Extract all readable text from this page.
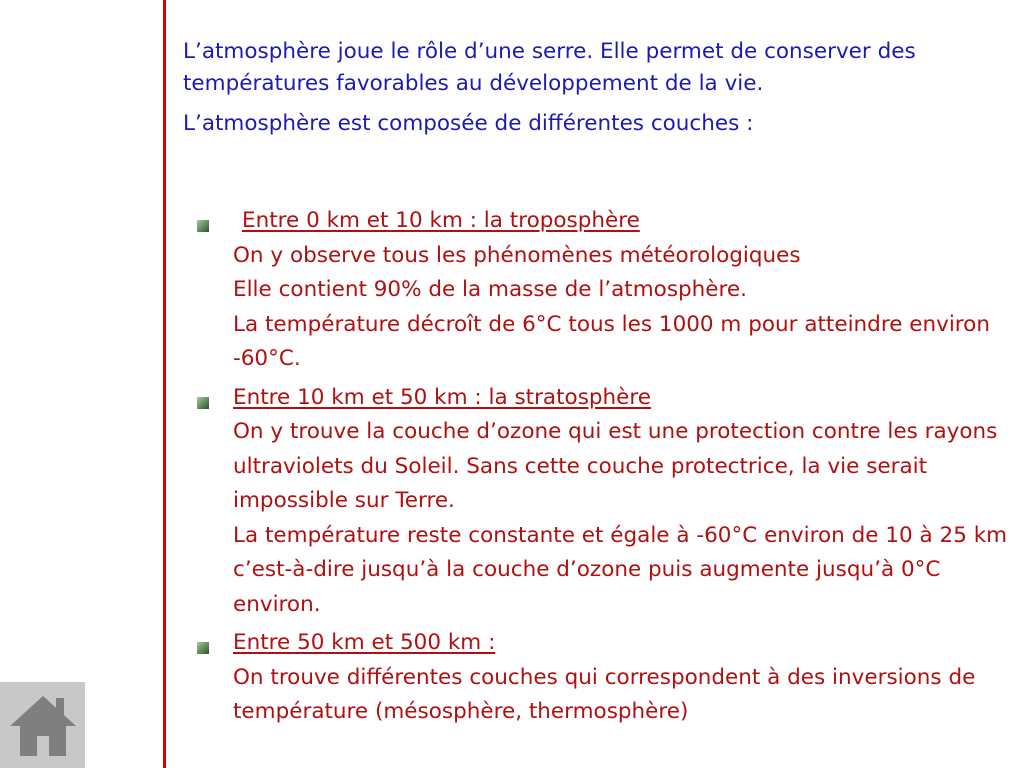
L’atmosphère joue le rôle d’une serre. Elle permet de conserver des températures favorables au développement de la vie.

L’atmosphère est composée de différentes couches :

Entre 0 km et 10 km : la troposphère
On y observe tous les phénomènes météorologiques
Elle contient 90% de la masse de l’atmosphère.
La température décroît de 6°C tous les 1000 m pour atteindre environ -60°C.
Entre 10 km et 50 km : la stratosphère
On y trouve la couche d’ozone qui est une protection contre les rayons ultraviolets du Soleil. Sans cette couche protectrice, la vie serait impossible sur Terre.
La température reste constante et égale à -60°C environ de 10 à 25 km c’est-à-dire jusqu’à la couche d’ozone puis augmente jusqu’à 0°C environ.
Entre 50 km et 500 km :
On trouve différentes couches qui correspondent à des inversions de température (mésosphère, thermosphère)
